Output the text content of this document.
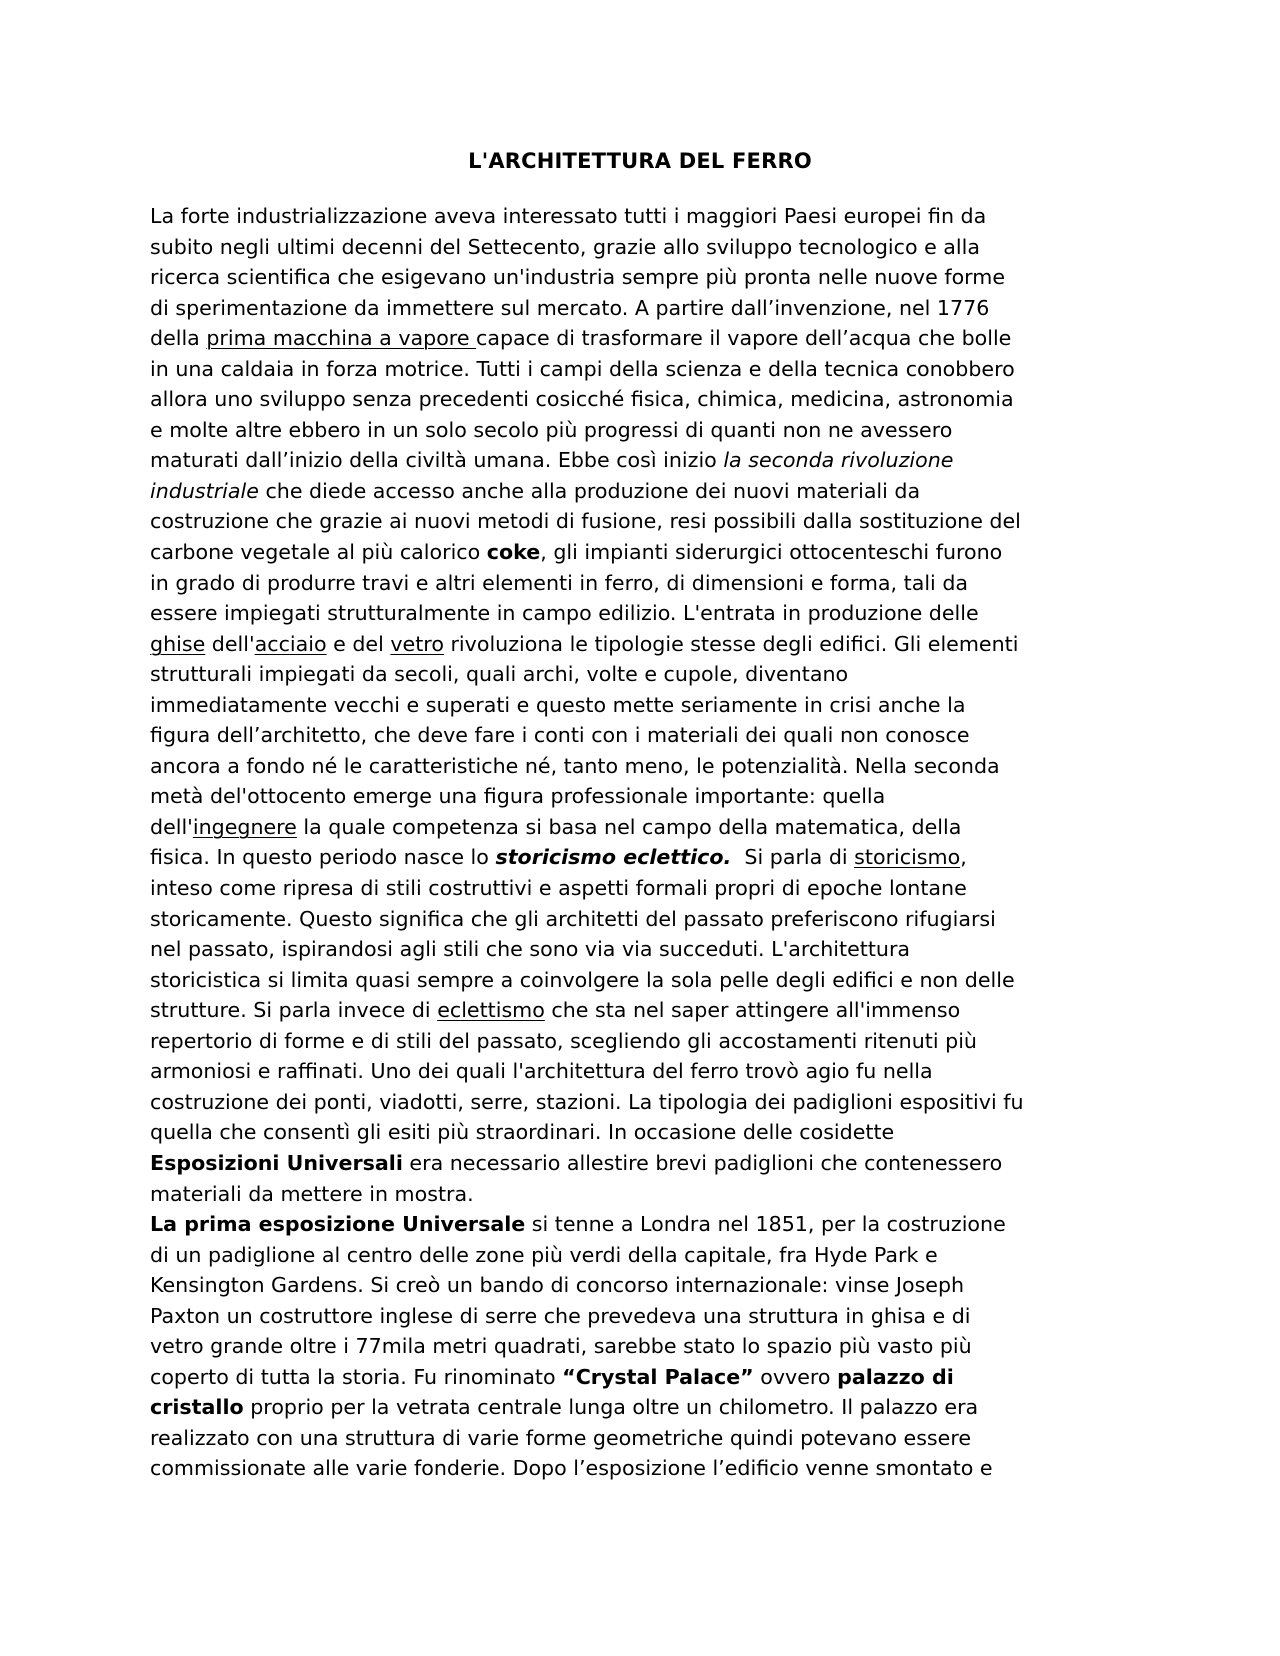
L'ARCHITETTURA DEL FERRO
La forte industrializzazione aveva interessato tutti i maggiori Paesi europei fin da
subito negli ultimi decenni del Settecento, grazie allo sviluppo tecnologico e alla
ricerca scientifica che esigevano un'industria sempre più pronta nelle nuove forme
di sperimentazione da immettere sul mercato. A partire dall’invenzione, nel 1776
della prima macchina a vapore capace di trasformare il vapore dell’acqua che bolle
in una caldaia in forza motrice. Tutti i campi della scienza e della tecnica conobbero
allora uno sviluppo senza precedenti cosicché fisica, chimica, medicina, astronomia
e molte altre ebbero in un solo secolo più progressi di quanti non ne avessero
maturati dall’inizio della civiltà umana. Ebbe così inizio la seconda rivoluzione
industriale che diede accesso anche alla produzione dei nuovi materiali da
costruzione che grazie ai nuovi metodi di fusione, resi possibili dalla sostituzione del
carbone vegetale al più calorico coke, gli impianti siderurgici ottocenteschi furono
in grado di produrre travi e altri elementi in ferro, di dimensioni e forma, tali da
essere impiegati strutturalmente in campo edilizio. L'entrata in produzione delle
ghise dell'acciaio e del vetro rivoluziona le tipologie stesse degli edifici. Gli elementi
strutturali impiegati da secoli, quali archi, volte e cupole, diventano
immediatamente vecchi e superati e questo mette seriamente in crisi anche la
figura dell’architetto, che deve fare i conti con i materiali dei quali non conosce
ancora a fondo né le caratteristiche né, tanto meno, le potenzialità. Nella seconda
metà del'ottocento emerge una figura professionale importante: quella
dell'ingegnere la quale competenza si basa nel campo della matematica, della
fisica. In questo periodo nasce lo storicismo eclettico.  Si parla di storicismo,
inteso come ripresa di stili costruttivi e aspetti formali propri di epoche lontane
storicamente. Questo significa che gli architetti del passato preferiscono rifugiarsi
nel passato, ispirandosi agli stili che sono via via succeduti. L'architettura
storicistica si limita quasi sempre a coinvolgere la sola pelle degli edifici e non delle
strutture. Si parla invece di eclettismo che sta nel saper attingere all'immenso
repertorio di forme e di stili del passato, scegliendo gli accostamenti ritenuti più
armoniosi e raffinati. Uno dei quali l'architettura del ferro trovò agio fu nella
costruzione dei ponti, viadotti, serre, stazioni. La tipologia dei padiglioni espositivi fu
quella che consentì gli esiti più straordinari. In occasione delle cosidette
Esposizioni Universali era necessario allestire brevi padiglioni che contenessero
materiali da mettere in mostra.
La prima esposizione Universale si tenne a Londra nel 1851, per la costruzione
di un padiglione al centro delle zone più verdi della capitale, fra Hyde Park e
Kensington Gardens. Si creò un bando di concorso internazionale: vinse Joseph
Paxton un costruttore inglese di serre che prevedeva una struttura in ghisa e di
vetro grande oltre i 77mila metri quadrati, sarebbe stato lo spazio più vasto più
coperto di tutta la storia. Fu rinominato “Crystal Palace” ovvero palazzo di
cristallo proprio per la vetrata centrale lunga oltre un chilometro. Il palazzo era
realizzato con una struttura di varie forme geometriche quindi potevano essere
commissionate alle varie fonderie. Dopo l’esposizione l’edificio venne smontato e
